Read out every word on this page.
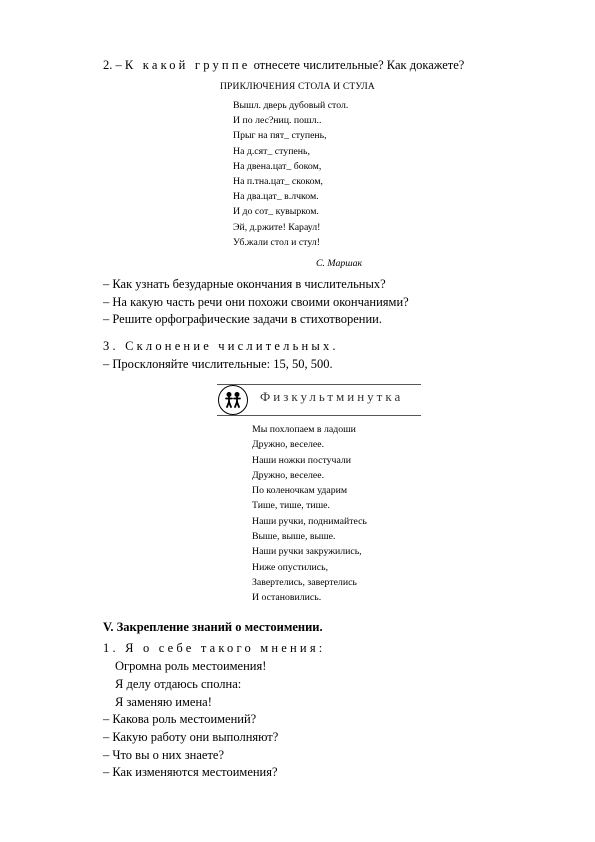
2. – К какой группе отнесете числительные? Как докажете?
ПРИКЛЮЧЕНИЯ СТОЛА И СТУЛА
Вышл. дверь дубовый стол.
И по лес?ниц. пошл..
Прыг на пят_ ступень,
На д.сят_ ступень,
На двена.цат_ боком,
На п.тна.цат_ скоком,
На два.цат_ в.лчком.
И до сот_ кувырком.
Эй, д.ржите! Караул!
Уб.жали стол и стул!
С. Маршак
– Как узнать безударные окончания в числительных?
– На какую часть речи они похожи своими окончаниями?
– Решите орфографические задачи в стихотворении.
3. Склонение числительных.
– Просклоняйте числительные: 15, 50, 500.
Физкультминутка
Мы похлопаем в ладоши
Дружно, веселее.
Наши ножки постучали
Дружно, веселее.
По коленочкам ударим
Тише, тише, тише.
Наши ручки, поднимайтесь
Выше, выше, выше.
Наши ручки закружились,
Ниже опустились,
Завертелись, завертелись
И остановились.
V. Закрепление знаний о местоимении.
1. Я о себе такого мнения:
Огромна роль местоимения!
Я делу отдаюсь сполна:
Я заменяю имена!
– Какова роль местоимений?
– Какую работу они выполняют?
– Что вы о них знаете?
– Как изменяются местоимения?
